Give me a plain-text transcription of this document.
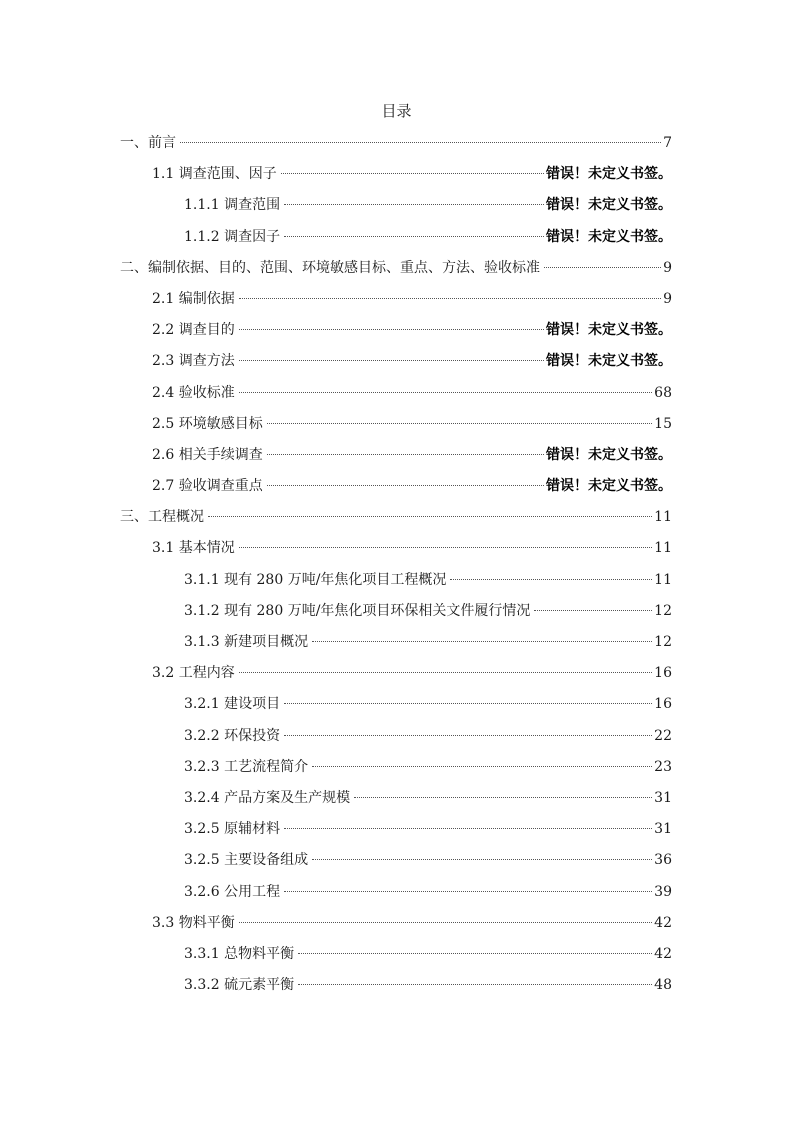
目录
一、前言	7
1.1 调查范围、因子	错误！未定义书签。
1.1.1 调查范围	错误！未定义书签。
1.1.2 调查因子	错误！未定义书签。
二、编制依据、目的、范围、环境敏感目标、重点、方法、验收标准	9
2.1 编制依据	9
2.2 调查目的	错误！未定义书签。
2.3 调查方法	错误！未定义书签。
2.4 验收标准	68
2.5 环境敏感目标	15
2.6 相关手续调查	错误！未定义书签。
2.7 验收调查重点	错误！未定义书签。
三、工程概况	11
3.1 基本情况	11
3.1.1 现有 280 万吨/年焦化项目工程概况	11
3.1.2 现有 280 万吨/年焦化项目环保相关文件履行情况	12
3.1.3 新建项目概况	12
3.2 工程内容	16
3.2.1 建设项目	16
3.2.2 环保投资	22
3.2.3 工艺流程简介	23
3.2.4 产品方案及生产规模	31
3.2.5 原辅材料	31
3.2.5 主要设备组成	36
3.2.6 公用工程	39
3.3 物料平衡	42
3.3.1 总物料平衡	42
3.3.2 硫元素平衡	48
